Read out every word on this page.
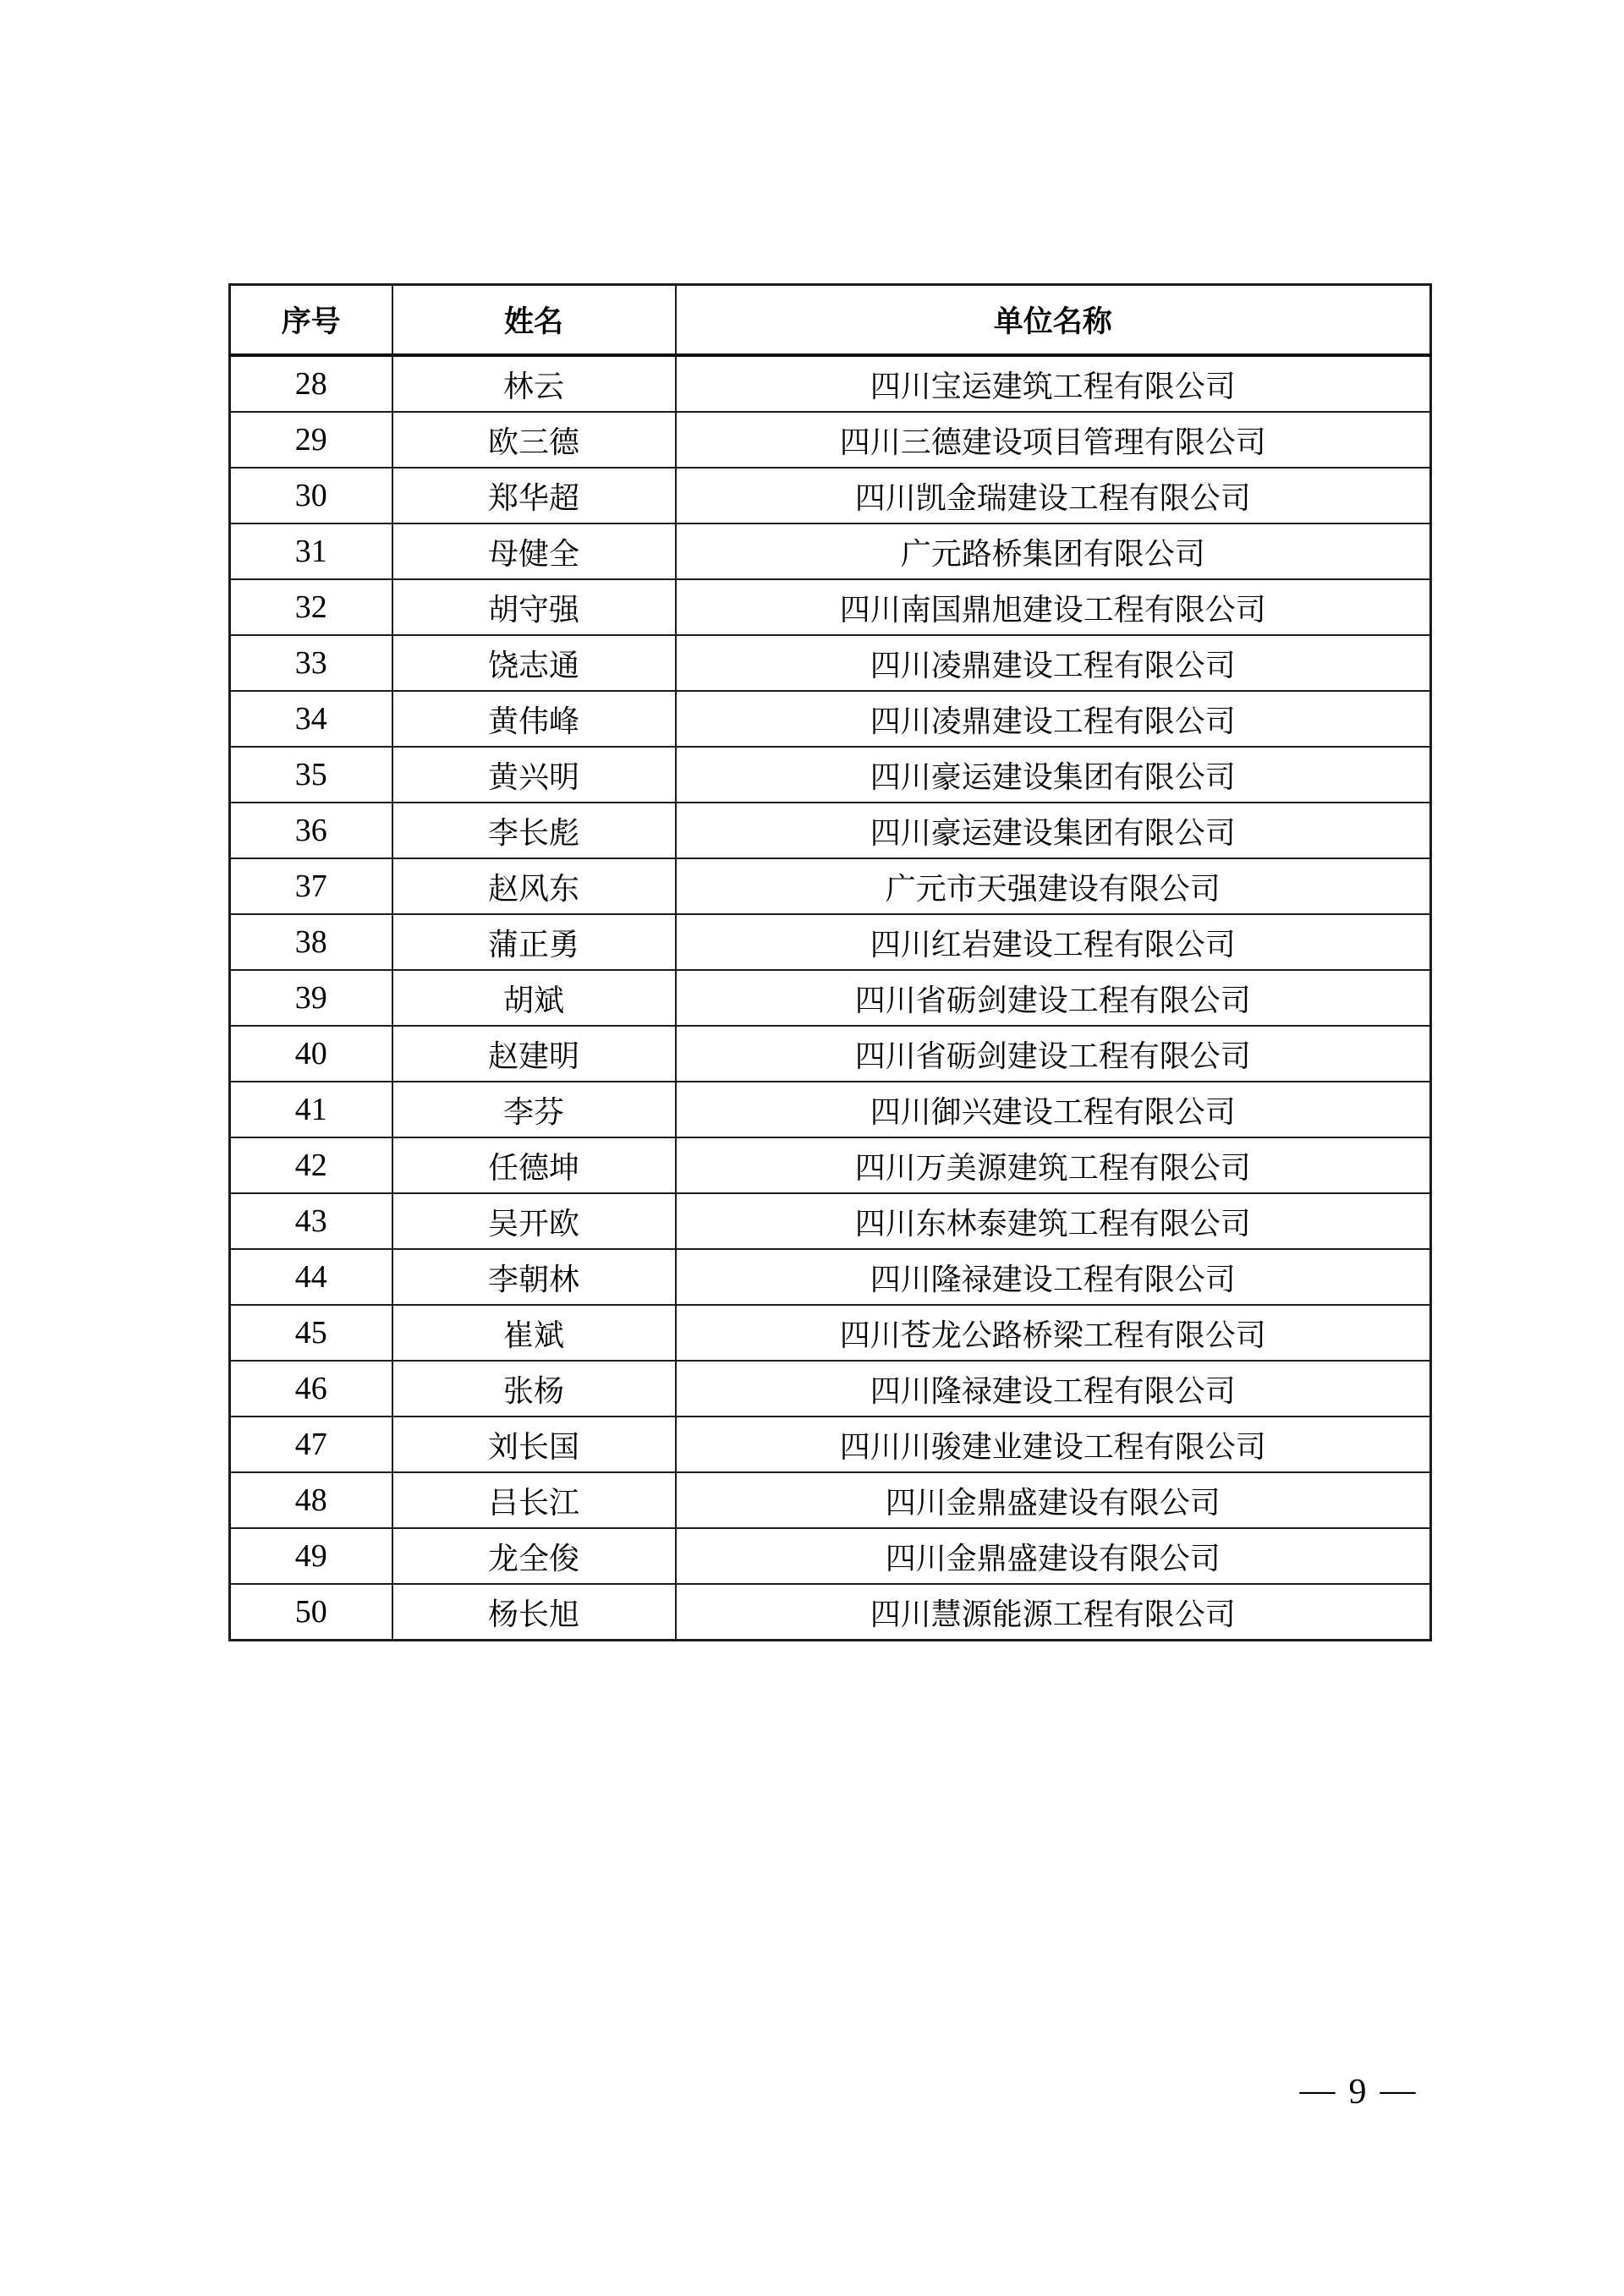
序号	姓名	单位名称
28	林云	四川宝运建筑工程有限公司
29	欧三德	四川三德建设项目管理有限公司
30	郑华超	四川凯金瑞建设工程有限公司
31	母健全	广元路桥集团有限公司
32	胡守强	四川南国鼎旭建设工程有限公司
33	饶志通	四川凌鼎建设工程有限公司
34	黄伟峰	四川凌鼎建设工程有限公司
35	黄兴明	四川豪运建设集团有限公司
36	李长彪	四川豪运建设集团有限公司
37	赵风东	广元市天强建设有限公司
38	蒲正勇	四川红岩建设工程有限公司
39	胡斌	四川省砺剑建设工程有限公司
40	赵建明	四川省砺剑建设工程有限公司
41	李芬	四川御兴建设工程有限公司
42	任德坤	四川万美源建筑工程有限公司
43	吴开欧	四川东林泰建筑工程有限公司
44	李朝林	四川隆禄建设工程有限公司
45	崔斌	四川苍龙公路桥梁工程有限公司
46	张杨	四川隆禄建设工程有限公司
47	刘长国	四川川骏建业建设工程有限公司
48	吕长江	四川金鼎盛建设有限公司
49	龙全俊	四川金鼎盛建设有限公司
50	杨长旭	四川慧源能源工程有限公司
— 9 —
